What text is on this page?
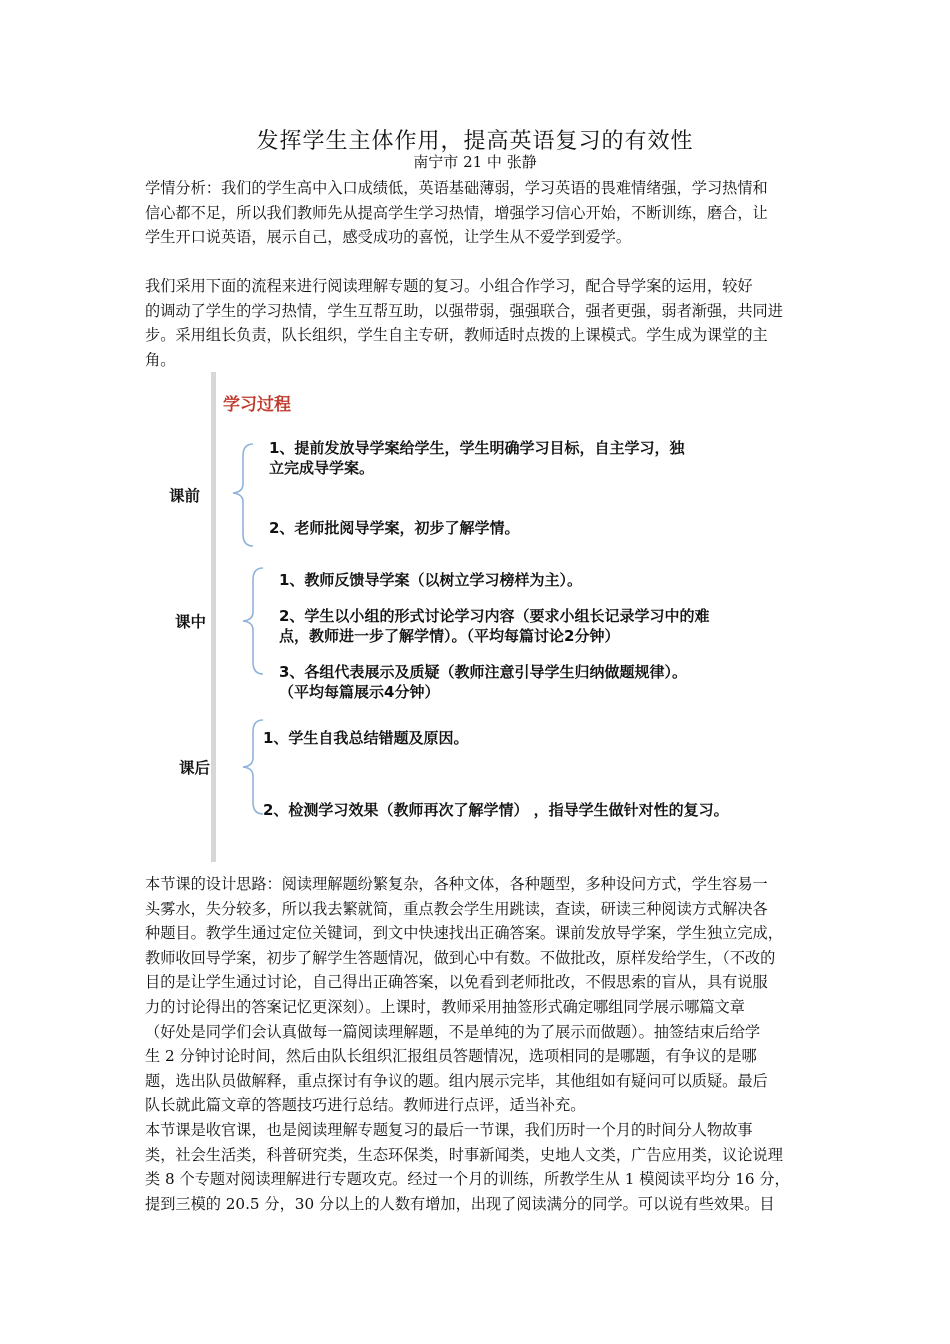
发挥学生主体作用，提高英语复习的有效性
南宁市 21 中 张静
学情分析：我们的学生高中入口成绩低，英语基础薄弱，学习英语的畏难情绪强，学习热情和
信心都不足，所以我们教师先从提高学生学习热情，增强学习信心开始，不断训练，磨合，让
学生开口说英语，展示自己，感受成功的喜悦，让学生从不爱学到爱学。
我们采用下面的流程来进行阅读理解专题的复习。小组合作学习，配合导学案的运用，较好
的调动了学生的学习热情，学生互帮互助，以强带弱，强强联合，强者更强，弱者渐强，共同进
步。采用组长负责，队长组织，学生自主专研，教师适时点拨的上课模式。学生成为课堂的主
角。
学习过程
课前
1、提前发放导学案给学生，学生明确学习目标，自主学习，独
立完成导学案。
2、老师批阅导学案，初步了解学情。
课中
1、教师反馈导学案（以树立学习榜样为主）。
2、学生以小组的形式讨论学习内容（要求小组长记录学习中的难
点，教师进一步了解学情）。（平均每篇讨论2分钟）
3、各组代表展示及质疑（教师注意引导学生归纳做题规律）。
（平均每篇展示4分钟）
课后
1、学生自我总结错题及原因。
2、检测学习效果（教师再次了解学情） ，指导学生做针对性的复习。
本节课的设计思路：阅读理解题纷繁复杂，各种文体，各种题型，多种设问方式，学生容易一
头雾水，失分较多，所以我去繁就简，重点教会学生用跳读，查读，研读三种阅读方式解决各
种题目。教学生通过定位关键词，到文中快速找出正确答案。课前发放导学案，学生独立完成，
教师收回导学案，初步了解学生答题情况，做到心中有数。不做批改，原样发给学生，（不改的
目的是让学生通过讨论，自己得出正确答案，以免看到老师批改，不假思索的盲从，具有说服
力的讨论得出的答案记忆更深刻）。上课时，教师采用抽签形式确定哪组同学展示哪篇文章
（好处是同学们会认真做每一篇阅读理解题，不是单纯的为了展示而做题）。抽签结束后给学
生 2 分钟讨论时间，然后由队长组织汇报组员答题情况，选项相同的是哪题，有争议的是哪
题，选出队员做解释，重点探讨有争议的题。组内展示完毕，其他组如有疑问可以质疑。最后
队长就此篇文章的答题技巧进行总结。教师进行点评，适当补充。
本节课是收官课，也是阅读理解专题复习的最后一节课，我们历时一个月的时间分人物故事
类，社会生活类，科普研究类，生态环保类，时事新闻类，史地人文类，广告应用类，议论说理
类 8 个专题对阅读理解进行专题攻克。经过一个月的训练，所教学生从 1 模阅读平均分 16 分，
提到三模的 20.5 分，30 分以上的人数有增加，出现了阅读满分的同学。可以说有些效果。目
